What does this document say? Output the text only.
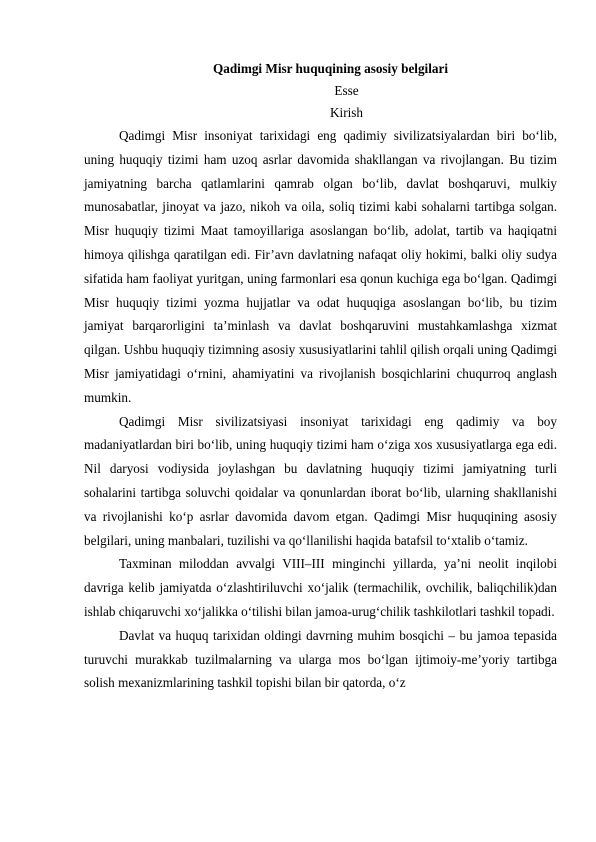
Qadimgi Misr huquqining asosiy belgilari
Esse
Kirish

Qadimgi Misr insoniyat tarixidagi eng qadimiy sivilizatsiyalardan biri bo‘lib, uning huquqiy tizimi ham uzoq asrlar davomida shakllangan va rivojlangan. Bu tizim jamiyatning barcha qatlamlarini qamrab olgan bo‘lib, davlat boshqaruvi, mulkiy munosabatlar, jinoyat va jazo, nikoh va oila, soliq tizimi kabi sohalarni tartibga solgan. Misr huquqiy tizimi Maat tamoyillariga asoslangan bo‘lib, adolat, tartib va haqiqatni himoya qilishga qaratilgan edi. Fir’avn davlatning nafaqat oliy hokimi, balki oliy sudya sifatida ham faoliyat yuritgan, uning farmonlari esa qonun kuchiga ega bo‘lgan. Qadimgi Misr huquqiy tizimi yozma hujjatlar va odat huquqiga asoslangan bo‘lib, bu tizim jamiyat barqarorligini ta’minlash va davlat boshqaruvini mustahkamlashga xizmat qilgan. Ushbu huquqiy tizimning asosiy xususiyatlarini tahlil qilish orqali uning Qadimgi Misr jamiyatidagi o‘rnini, ahamiyatini va rivojlanish bosqichlarini chuqurroq anglash mumkin.

Qadimgi Misr sivilizatsiyasi insoniyat tarixidagi eng qadimiy va boy madaniyatlardan biri bo‘lib, uning huquqiy tizimi ham o‘ziga xos xususiyatlarga ega edi. Nil daryosi vodiysida joylashgan bu davlatning huquqiy tizimi jamiyatning turli sohalarini tartibga soluvchi qoidalar va qonunlardan iborat bo‘lib, ularning shakllanishi va rivojlanishi ko‘p asrlar davomida davom etgan. Qadimgi Misr huquqining asosiy belgilari, uning manbalari, tuzilishi va qo‘llanilishi haqida batafsil to‘xtalib o‘tamiz.

Taxminan miloddan avvalgi VIII–III minginchi yillarda, ya’ni neolit inqilobi davriga kelib jamiyatda o‘zlashtiriluvchi xo‘jalik (termachilik, ovchilik, baliqchilik)dan ishlab chiqaruvchi xo‘jalikka o‘tilishi bilan jamoa-urug‘chilik tashkilotlari tashkil topadi.

Davlat va huquq tarixidan oldingi davrning muhim bosqichi – bu jamoa tepasida turuvchi murakkab tuzilmalarning va ularga mos bo‘lgan ijtimoiy-me’yoriy tartibga solish mexanizmlarining tashkil topishi bilan bir qatorda, o‘z
